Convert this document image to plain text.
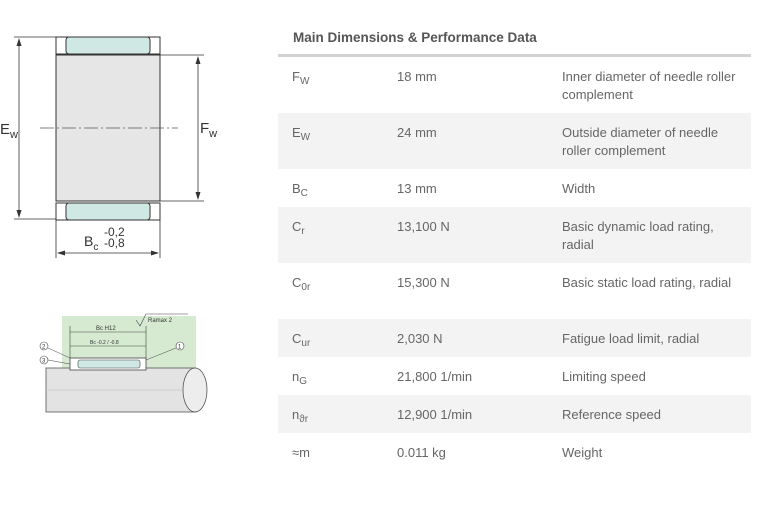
$E_w$	$F_w$
$B_c$
-0,2
-0,8
Bc H12
Bc -0.2 / -0.8
Ramax 2
2
3
1
Main Dimensions & Performance Data
$F_W$	18 mm	Inner diameter of needle roller complement
$E_W$	24 mm	Outside diameter of needle roller complement
$B_C$	13 mm	Width
$C_r$	13,100 N	Basic dynamic load rating, radial
$C_{0r}$	15,300 N	Basic static load rating, radial
$C_{ur}$	2,030 N	Fatigue load limit, radial
$n_G$	21,800 1/min	Limiting speed
$n_{ϑr}$	12,900 1/min	Reference speed
≈m	0.011 kg	Weight
